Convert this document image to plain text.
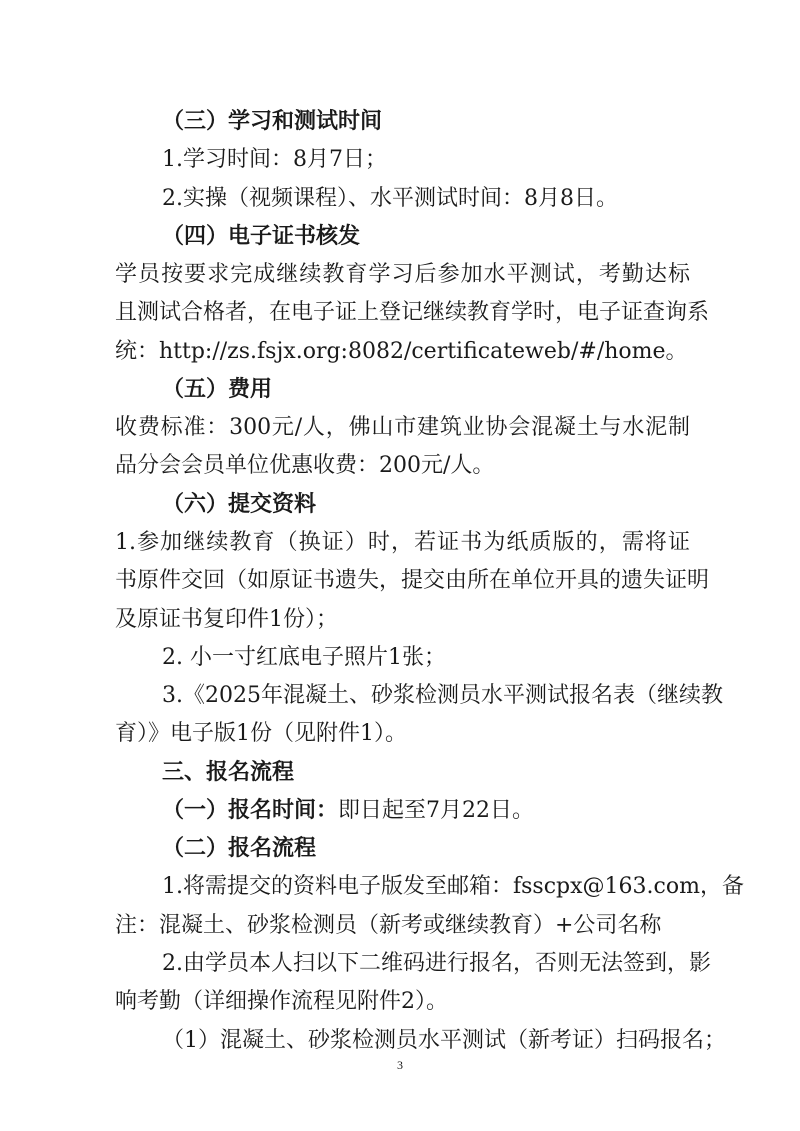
（三）学习和测试时间
1.学习时间：8月7日；
2.实操（视频课程）、水平测试时间：8月8日。
（四）电子证书核发
学员按要求完成继续教育学习后参加水平测试，考勤达标
且测试合格者，在电子证上登记继续教育学时，电子证查询系
统：http://zs.fsjx.org:8082/certificateweb/#/home。
（五）费用
收费标准：300元/人，佛山市建筑业协会混凝土与水泥制
品分会会员单位优惠收费：200元/人。
（六）提交资料
1.参加继续教育（换证）时，若证书为纸质版的，需将证
书原件交回（如原证书遗失，提交由所在单位开具的遗失证明
及原证书复印件1份）；
2. 小一寸红底电子照片1张；
3.《2025年混凝土、砂浆检测员水平测试报名表（继续教
育）》电子版1份（见附件1）。
三、报名流程
（一）报名时间：即日起至7月22日。
（二）报名流程
1.将需提交的资料电子版发至邮箱：fsscpx@163.com，备
注：混凝土、砂浆检测员（新考或继续教育）+公司名称
2.由学员本人扫以下二维码进行报名，否则无法签到，影
响考勤（详细操作流程见附件2）。
（1）混凝土、砂浆检测员水平测试（新考证）扫码报名；
3
